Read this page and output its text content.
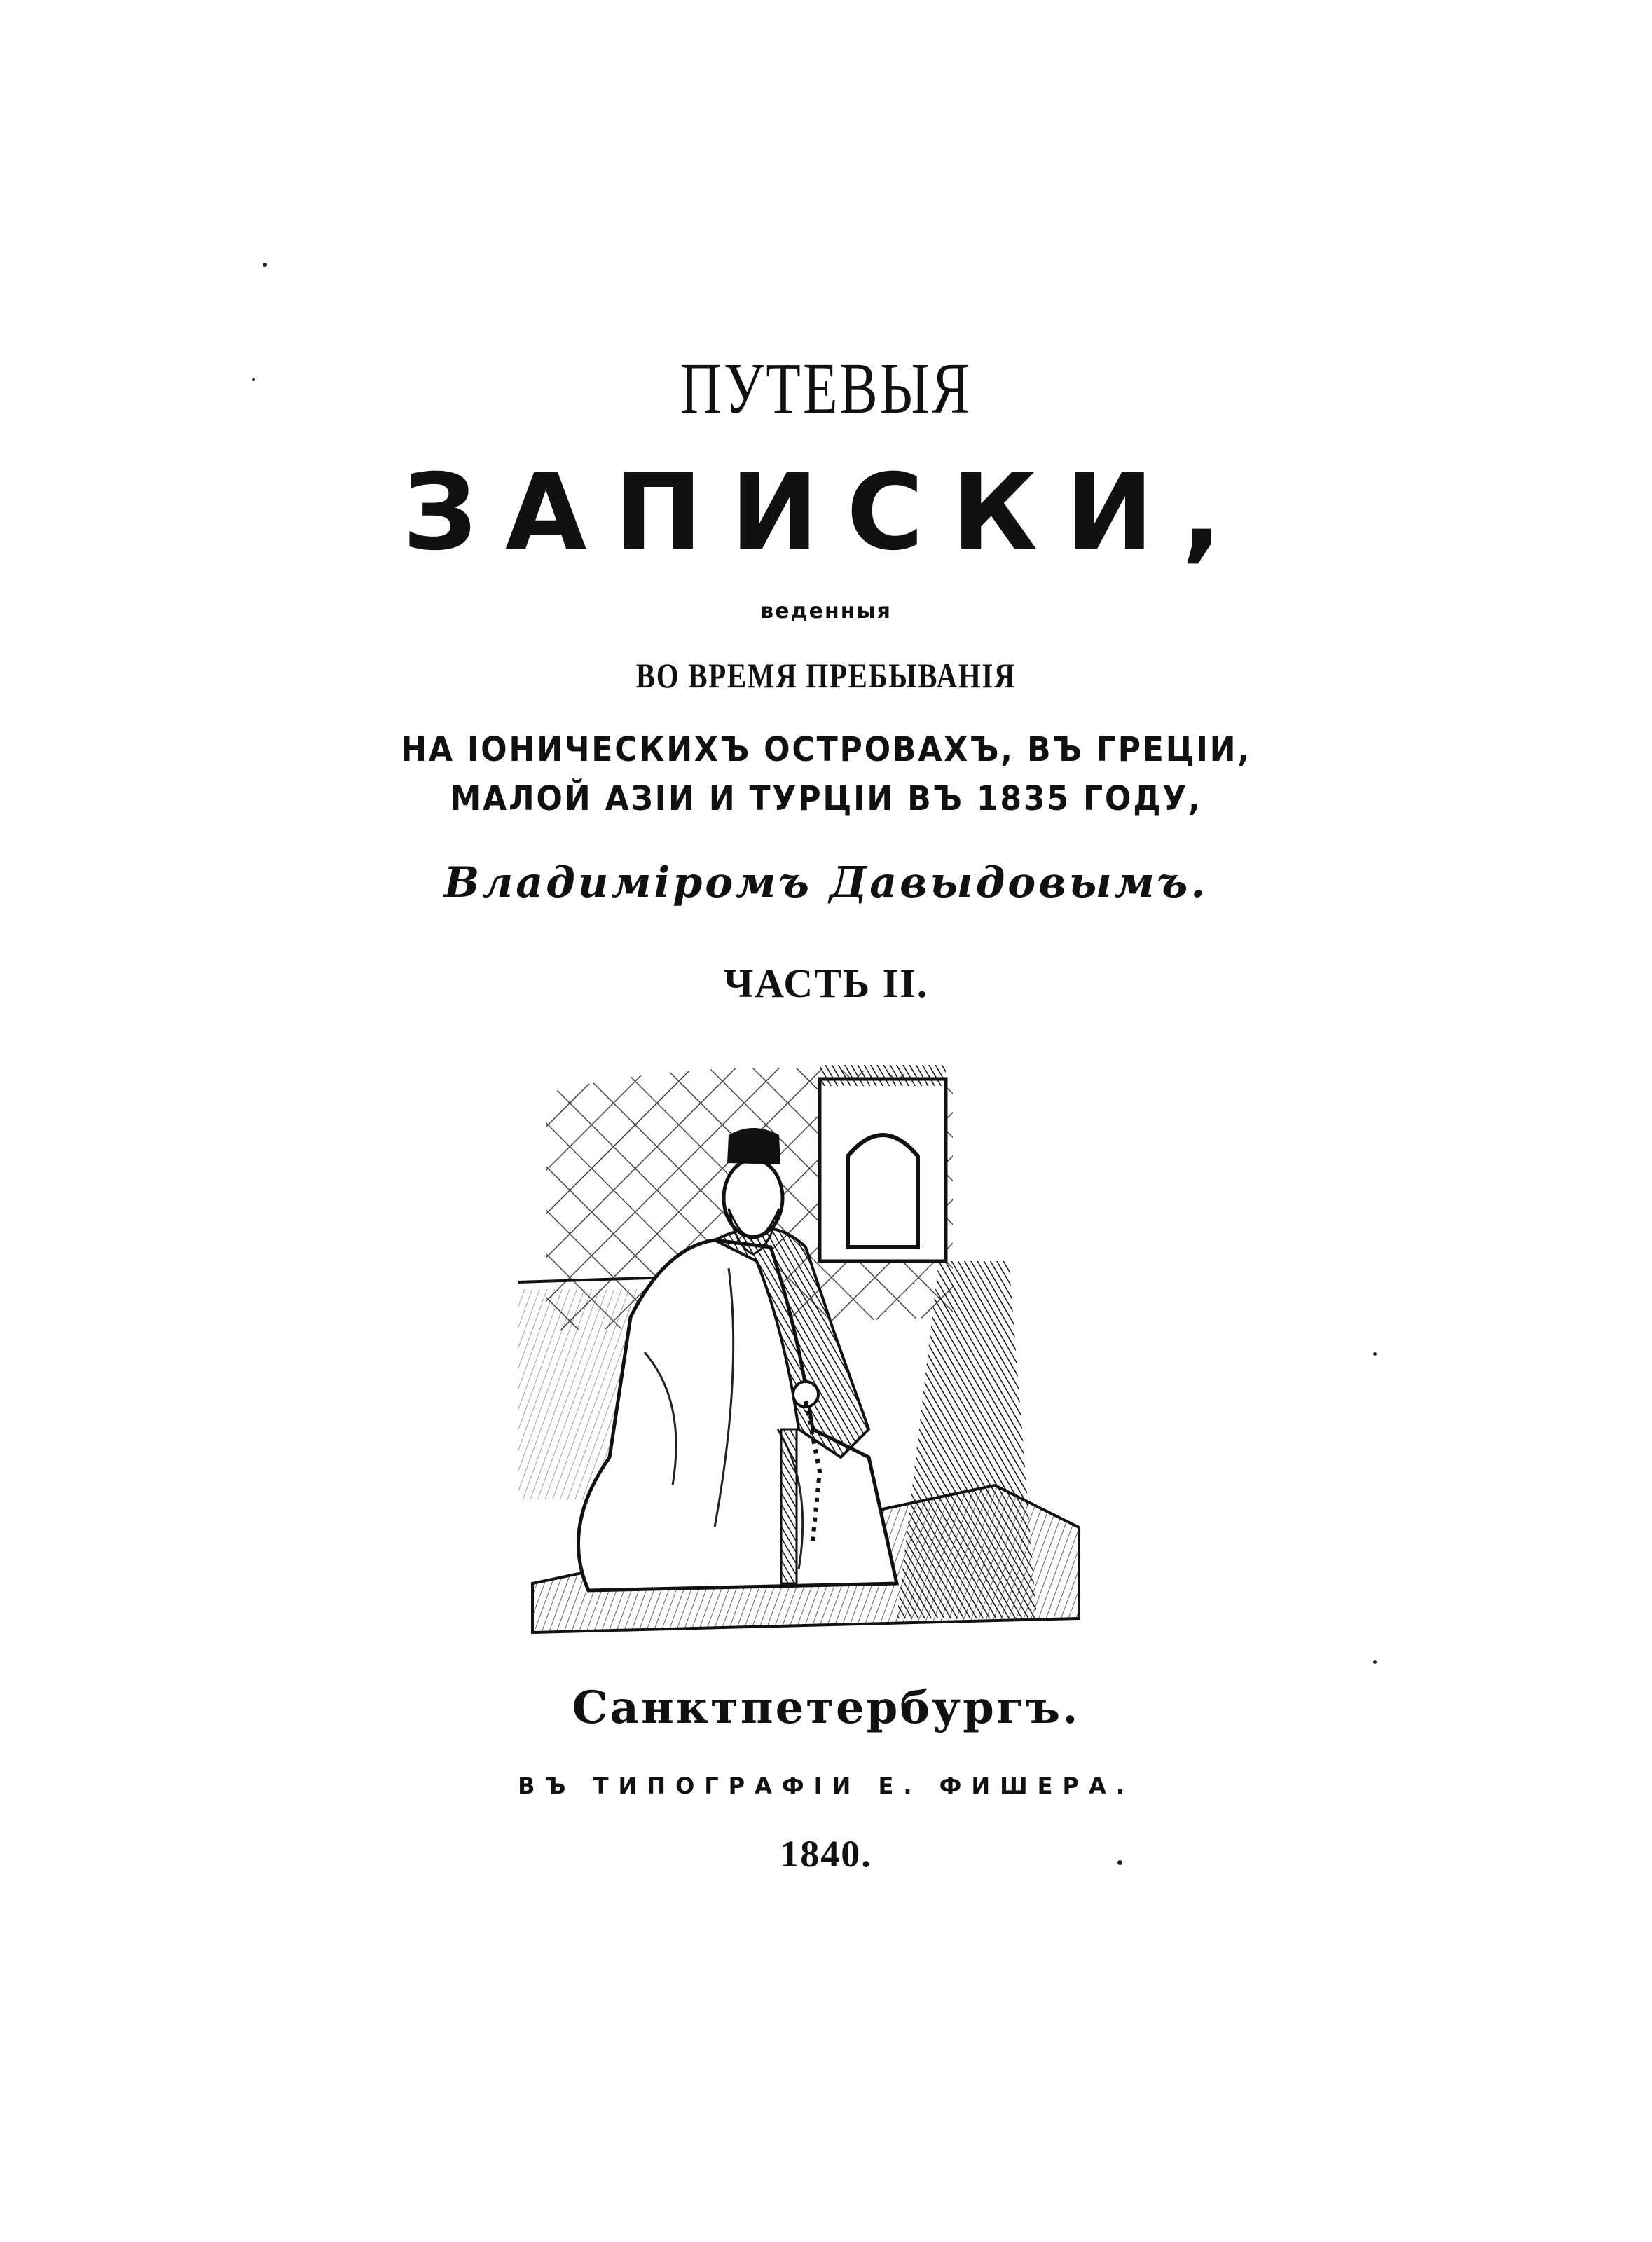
ПУТЕВЫЯ
ЗАПИСКИ,
веденныя
ВО ВРЕМЯ ПРЕБЫВАНIЯ
НА IОНИЧЕСКИХЪ ОСТРОВАХЪ, ВЪ ГРЕЦIИ,
МАЛОЙ АЗIИ И ТУРЦIИ ВЪ 1835 ГОДУ,
Владимiромъ Давыдовымъ.
ЧАСТЬ II.
Санктпетербургъ.
ВЪ ТИПОГРАФIИ Е. ФИШЕРА.
1840.
